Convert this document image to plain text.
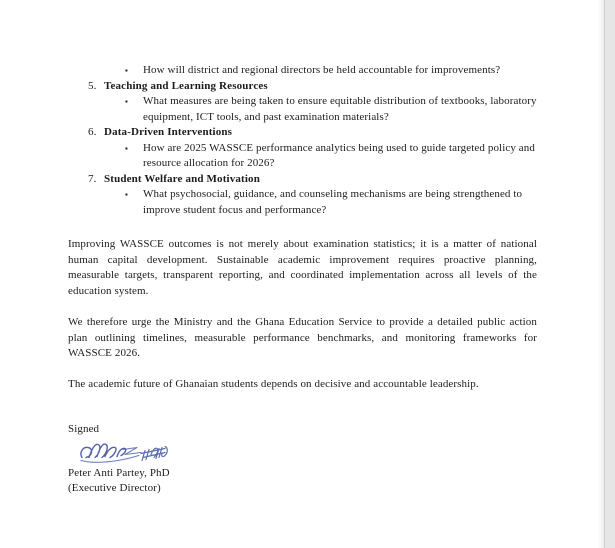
▪	How will district and regional directors be held accountable for improvements?
5. Teaching and Learning Resources
▪	What measures are being taken to ensure equitable distribution of textbooks, laboratory equipment, ICT tools, and past examination materials?
6. Data-Driven Interventions
▪	How are 2025 WASSCE performance analytics being used to guide targeted policy and resource allocation for 2026?
7. Student Welfare and Motivation
▪	What psychosocial, guidance, and counseling mechanisms are being strengthened to improve student focus and performance?
Improving WASSCE outcomes is not merely about examination statistics; it is a matter of national human capital development. Sustainable academic improvement requires proactive planning, measurable targets, transparent reporting, and coordinated implementation across all levels of the education system.
We therefore urge the Ministry and the Ghana Education Service to provide a detailed public action plan outlining timelines, measurable performance benchmarks, and monitoring frameworks for WASSCE 2026.
The academic future of Ghanaian students depends on decisive and accountable leadership.
Signed
Peter Anti Partey, PhD
(Executive Director)
